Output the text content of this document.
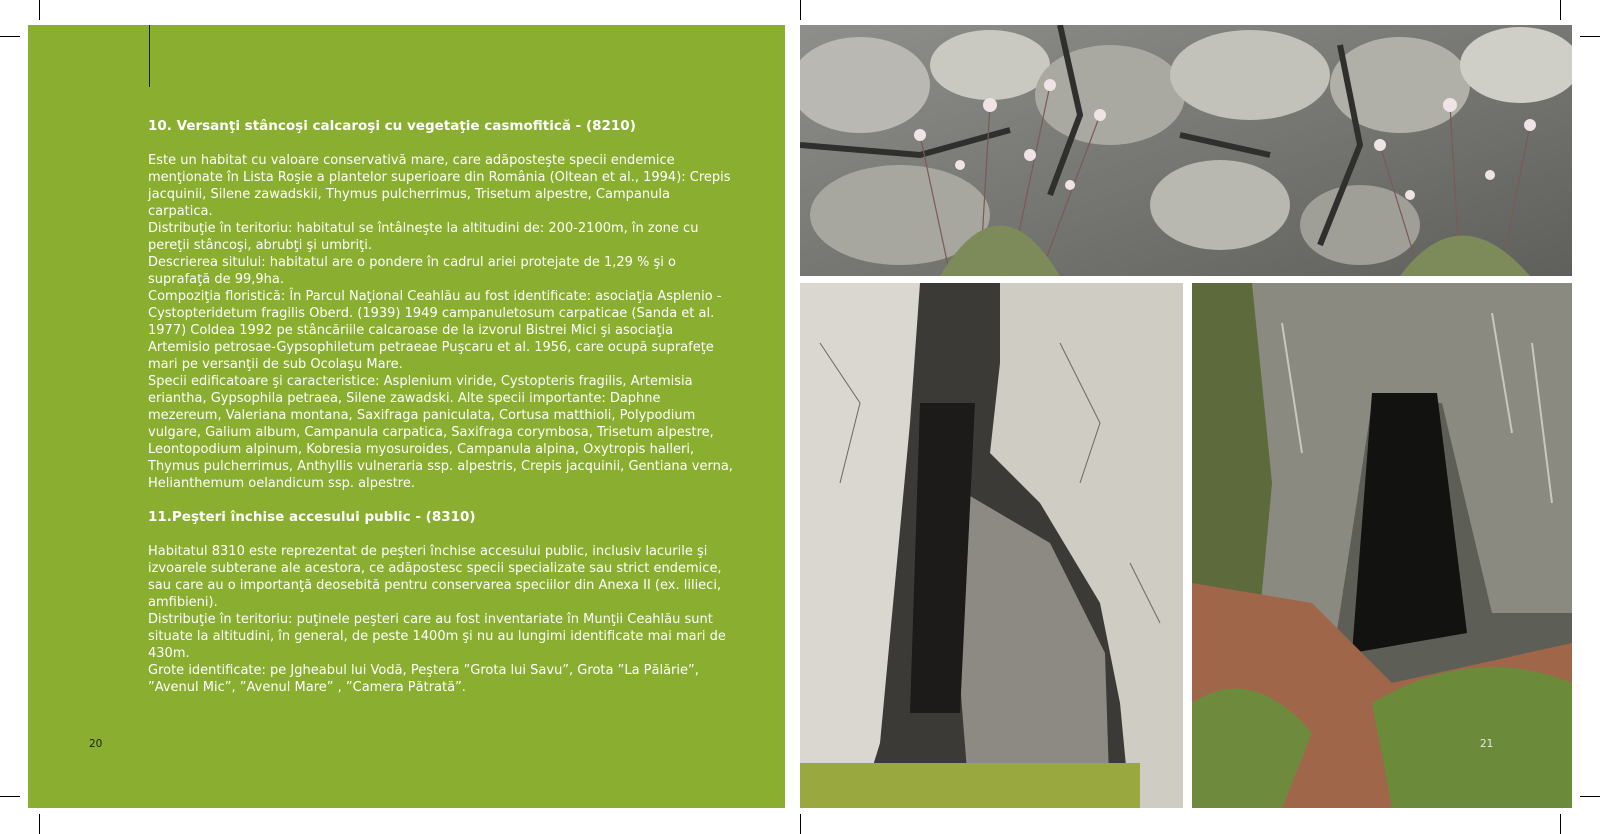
10. Versanţi stâncoşi calcaroşi cu vegetaţie casmofitică - (8210)

Este un habitat cu valoare conservativă mare, care adăposteşte specii endemice menţionate în Lista Roşie a plantelor superioare din România (Oltean et al., 1994): Crepis jacquinii, Silene zawadskii, Thymus pulcherrimus, Trisetum alpestre, Campanula carpatica.

Distribuţie în teritoriu: habitatul se întâlneşte la altitudini de: 200-2100m, în zone cu pereţii stâncoşi, abrubţi şi umbriţi.

Descrierea sitului: habitatul are o pondere în cadrul ariei protejate de 1,29 % şi o suprafaţă de 99,9ha.

Compoziţia floristică: În Parcul Naţional Ceahlău au fost identificate: asociaţia Asplenio - Cystopteridetum fragilis Oberd. (1939) 1949 campanuletosum carpaticae (Sanda et al. 1977) Coldea 1992 pe stâncăriile calcaroase de la izvorul Bistrei Mici şi asociaţia Artemisio petrosae-Gypsophiletum petraeae Puşcaru et al. 1956, care ocupă suprafeţe mari pe versanţii de sub Ocolaşu Mare.

Specii edificatoare şi caracteristice: Asplenium viride, Cystopteris fragilis, Artemisia eriantha, Gypsophila petraea, Silene zawadski. Alte specii importante: Daphne mezereum, Valeriana montana, Saxifraga paniculata, Cortusa matthioli, Polypodium vulgare, Galium album, Campanula carpatica, Saxifraga corymbosa, Trisetum alpestre, Leontopodium alpinum, Kobresia myosuroides, Campanula alpina, Oxytropis halleri, Thymus pulcherrimus, Anthyllis vulneraria ssp. alpestris, Crepis jacquinii, Gentiana verna, Helianthemum oelandicum ssp. alpestre.

11.Peşteri închise accesului public - (8310)

Habitatul 8310 este reprezentat de peşteri închise accesului public, inclusiv lacurile şi izvoarele subterane ale acestora, ce adăpostesc specii specializate sau strict endemice, sau care au o importanţă deosebită pentru conservarea speciilor din Anexa II (ex. lilieci, amfibieni).

Distribuţie în teritoriu: puţinele peşteri care au fost inventariate în Munţii Ceahlău sunt situate la altitudini, în general, de peste 1400m şi nu au lungimi identificate mai mari de 430m.

Grote identificate: pe Jgheabul lui Vodă, Peştera ”Grota lui Savu”, Grota ”La Pălărie”, ”Avenul Mic”, ”Avenul Mare” , ”Camera Pătrată”.

20	21
